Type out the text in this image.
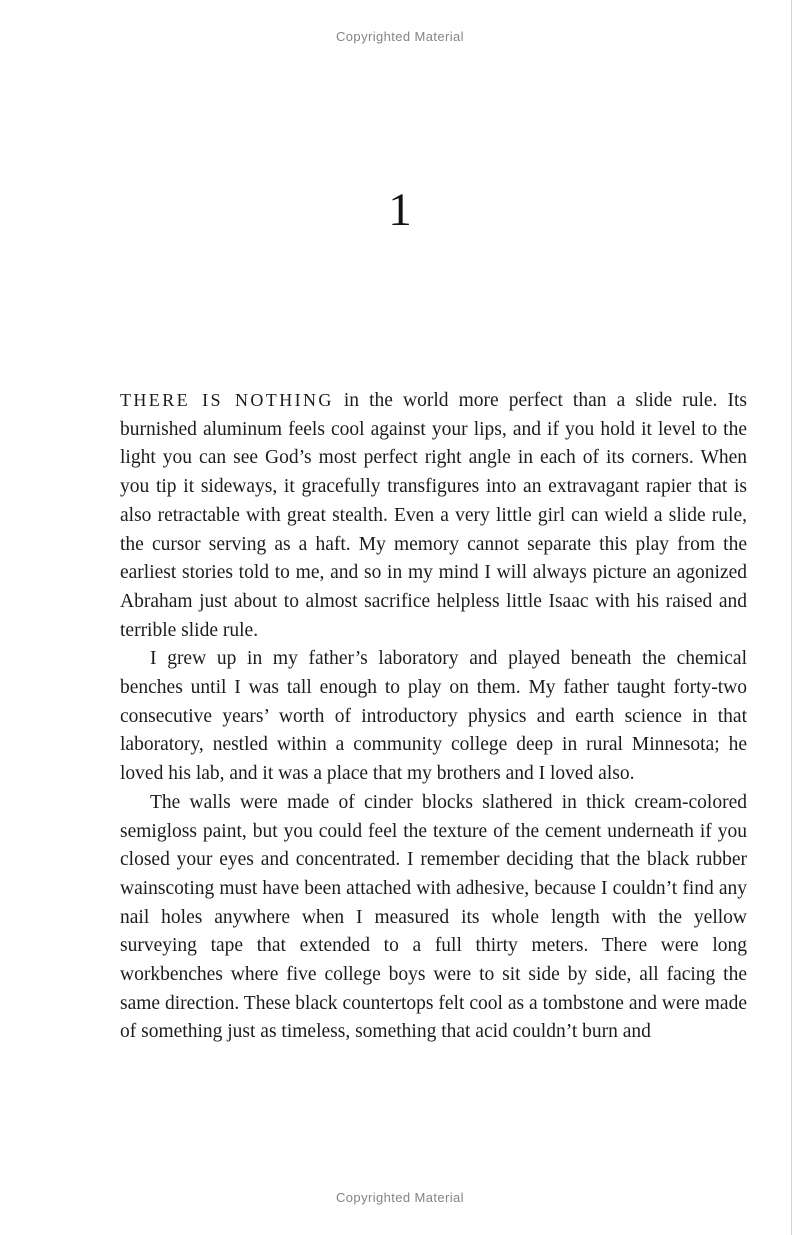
Copyrighted Material
1

THERE IS NOTHING in the world more perfect than a slide rule. Its burnished aluminum feels cool against your lips, and if you hold it level to the light you can see God’s most perfect right angle in each of its corners. When you tip it sideways, it gracefully transfigures into an extravagant rapier that is also retractable with great stealth. Even a very little girl can wield a slide rule, the cursor serving as a haft. My memory cannot separate this play from the earliest stories told to me, and so in my mind I will always picture an agonized Abraham just about to almost sacrifice helpless little Isaac with his raised and terrible slide rule.

I grew up in my father’s laboratory and played beneath the chemical benches until I was tall enough to play on them. My father taught forty-two consecutive years’ worth of introductory physics and earth science in that laboratory, nestled within a community college deep in rural Minnesota; he loved his lab, and it was a place that my brothers and I loved also.

The walls were made of cinder blocks slathered in thick cream-colored semigloss paint, but you could feel the texture of the cement underneath if you closed your eyes and concentrated. I remember deciding that the black rubber wainscoting must have been attached with adhesive, because I couldn’t find any nail holes anywhere when I measured its whole length with the yellow surveying tape that extended to a full thirty meters. There were long workbenches where five college boys were to sit side by side, all facing the same direction. These black countertops felt cool as a tombstone and were made of something just as timeless, something that acid couldn’t burn and

Copyrighted Material
